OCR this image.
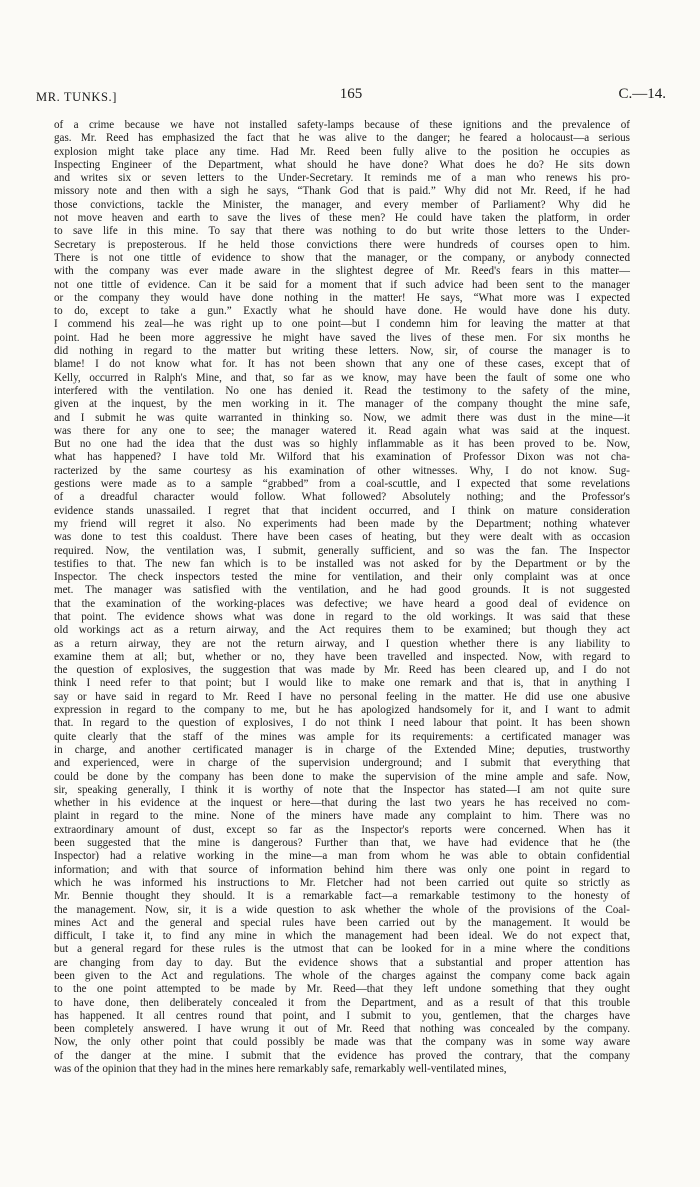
MR. TUNKS.]	165	C.—14.
of a crime because we have not installed safety-lamps because of these ignitions and the prevalence of
gas. Mr. Reed has emphasized the fact that he was alive to the danger; he feared a holocaust—a serious
explosion might take place any time. Had Mr. Reed been fully alive to the position he occupies as
Inspecting Engineer of the Department, what should he have done? What does he do? He sits down
and writes six or seven letters to the Under-Secretary. It reminds me of a man who renews his pro-
missory note and then with a sigh he says, “Thank God that is paid.” Why did not Mr. Reed, if he had
those convictions, tackle the Minister, the manager, and every member of Parliament? Why did he
not move heaven and earth to save the lives of these men? He could have taken the platform, in order
to save life in this mine. To say that there was nothing to do but write those letters to the Under-
Secretary is preposterous. If he held those convictions there were hundreds of courses open to him.
There is not one tittle of evidence to show that the manager, or the company, or anybody connected
with the company was ever made aware in the slightest degree of Mr. Reed's fears in this matter—
not one tittle of evidence. Can it be said for a moment that if such advice had been sent to the manager
or the company they would have done nothing in the matter! He says, “What more was I expected
to do, except to take a gun.” Exactly what he should have done. He would have done his duty.
I commend his zeal—he was right up to one point—but I condemn him for leaving the matter at that
point. Had he been more aggressive he might have saved the lives of these men. For six months he
did nothing in regard to the matter but writing these letters. Now, sir, of course the manager is to
blame! I do not know what for. It has not been shown that any one of these cases, except that of
Kelly, occurred in Ralph's Mine, and that, so far as we know, may have been the fault of some one who
interfered with the ventilation. No one has denied it. Read the testimony to the safety of the mine,
given at the inquest, by the men working in it. The manager of the company thought the mine safe,
and I submit he was quite warranted in thinking so. Now, we admit there was dust in the mine—it
was there for any one to see; the manager watered it. Read again what was said at the inquest.
But no one had the idea that the dust was so highly inflammable as it has been proved to be. Now,
what has happened? I have told Mr. Wilford that his examination of Professor Dixon was not cha-
racterized by the same courtesy as his examination of other witnesses. Why, I do not know. Sug-
gestions were made as to a sample “grabbed” from a coal-scuttle, and I expected that some revelations
of a dreadful character would follow. What followed? Absolutely nothing; and the Professor's
evidence stands unassailed. I regret that that incident occurred, and I think on mature consideration
my friend will regret it also. No experiments had been made by the Department; nothing whatever
was done to test this coaldust. There have been cases of heating, but they were dealt with as occasion
required. Now, the ventilation was, I submit, generally sufficient, and so was the fan. The Inspector
testifies to that. The new fan which is to be installed was not asked for by the Department or by the
Inspector. The check inspectors tested the mine for ventilation, and their only complaint was at once
met. The manager was satisfied with the ventilation, and he had good grounds. It is not suggested
that the examination of the working-places was defective; we have heard a good deal of evidence on
that point. The evidence shows what was done in regard to the old workings. It was said that these
old workings act as a return airway, and the Act requires them to be examined; but though they act
as a return airway, they are not the return airway, and I question whether there is any liability to
examine them at all; but, whether or no, they have been travelled and inspected. Now, with regard to
the question of explosives, the suggestion that was made by Mr. Reed has been cleared up, and I do not
think I need refer to that point; but I would like to make one remark and that is, that in anything I
say or have said in regard to Mr. Reed I have no personal feeling in the matter. He did use one abusive
expression in regard to the company to me, but he has apologized handsomely for it, and I want to admit
that. In regard to the question of explosives, I do not think I need labour that point. It has been shown
quite clearly that the staff of the mines was ample for its requirements: a certificated manager was
in charge, and another certificated manager is in charge of the Extended Mine; deputies, trustworthy
and experienced, were in charge of the supervision underground; and I submit that everything that
could be done by the company has been done to make the supervision of the mine ample and safe. Now,
sir, speaking generally, I think it is worthy of note that the Inspector has stated—I am not quite sure
whether in his evidence at the inquest or here—that during the last two years he has received no com-
plaint in regard to the mine. None of the miners have made any complaint to him. There was no
extraordinary amount of dust, except so far as the Inspector's reports were concerned. When has it
been suggested that the mine is dangerous? Further than that, we have had evidence that he (the
Inspector) had a relative working in the mine—a man from whom he was able to obtain confidential
information; and with that source of information behind him there was only one point in regard to
which he was informed his instructions to Mr. Fletcher had not been carried out quite so strictly as
Mr. Bennie thought they should. It is a remarkable fact—a remarkable testimony to the honesty of
the management. Now, sir, it is a wide question to ask whether the whole of the provisions of the Coal-
mines Act and the general and special rules have been carried out by the management. It would be
difficult, I take it, to find any mine in which the management had been ideal. We do not expect that,
but a general regard for these rules is the utmost that can be looked for in a mine where the conditions
are changing from day to day. But the evidence shows that a substantial and proper attention has
been given to the Act and regulations. The whole of the charges against the company come back again
to the one point attempted to be made by Mr. Reed—that they left undone something that they ought
to have done, then deliberately concealed it from the Department, and as a result of that this trouble
has happened. It all centres round that point, and I submit to you, gentlemen, that the charges have
been completely answered. I have wrung it out of Mr. Reed that nothing was concealed by the company.
Now, the only other point that could possibly be made was that the company was in some way aware
of the danger at the mine. I submit that the evidence has proved the contrary, that the company
was of the opinion that they had in the mines here remarkably safe, remarkably well-ventilated mines,
